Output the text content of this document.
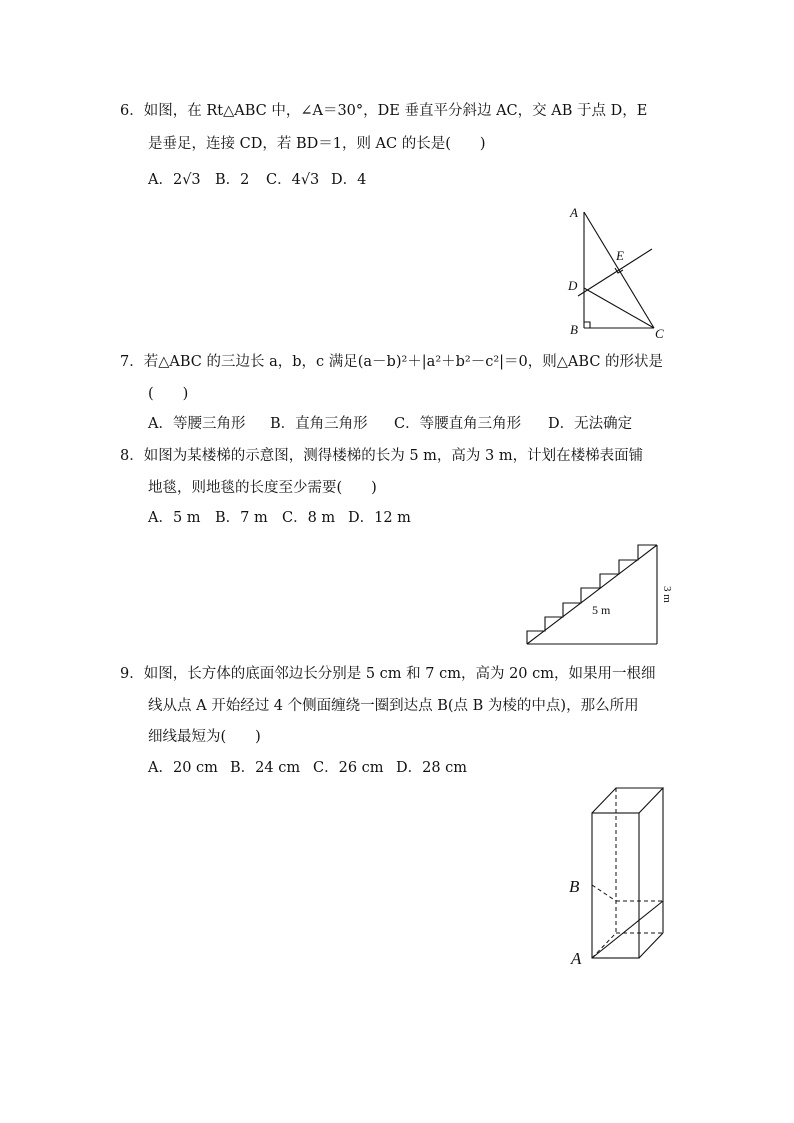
6．如图，在 Rt△ABC 中，∠A＝30°，DE 垂直平分斜边 AC，交 AB 于点 D，E
是垂足，连接 CD，若 BD＝1，则 AC 的长是(　　)
A．2√3 B．2 C．4√3 D．4
A
B	C
D
E
7．若△ABC 的三边长 a，b，c 满足(a－b)²＋|a²＋b²－c²|＝0，则△ABC 的形状是
(　　)
A．等腰三角形 B．直角三角形 C．等腰直角三角形 D．无法确定
8．如图为某楼梯的示意图，测得楼梯的长为 5 m，高为 3 m，计划在楼梯表面铺
地毯，则地毯的长度至少需要(　　)
A．5 m B．7 m C．8 m D．12 m
5 m
3 m
9．如图，长方体的底面邻边长分别是 5 cm 和 7 cm，高为 20 cm，如果用一根细
线从点 A 开始经过 4 个侧面缠绕一圈到达点 B(点 B 为棱的中点)，那么所用
细线最短为(　　)
A．20 cm B．24 cm C．26 cm D．28 cm
B
A
